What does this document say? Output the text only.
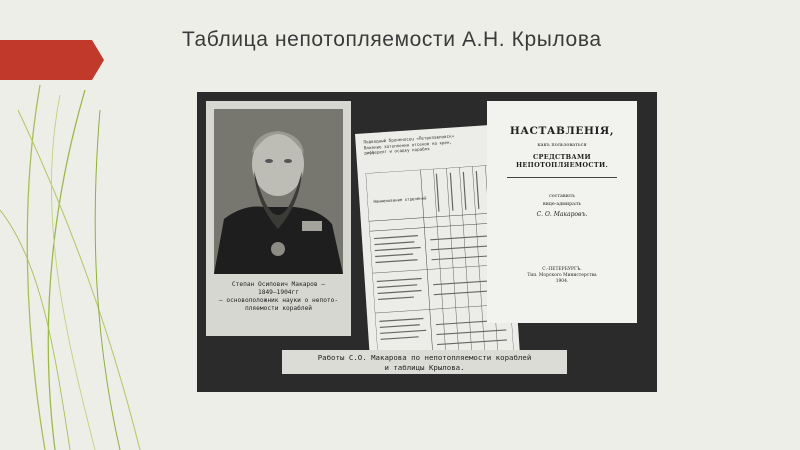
Таблица непотопляемости А.Н. Крылова
Степан Осипович Макаров —
1849—1904гг
— основоположник науки о непото-
пляемости кораблей
Подводный броненосец «Петропавловск»
Влияние затопления отсеков на крен,
дифферент и осадку корабля
Наименование отделений
НАСТАВЛЕНІЯ,
какъ пользоваться
СРЕДСТВАМИ НЕПОТОПЛЯЕМОСТИ.
составилъ
вице-адмиралъ
С. О. Макаровъ.
С.-ПЕТЕРБУРГЪ.
Тип. Морского Министерства
1904.
Работы С.О. Макарова по непотопляемости кораблей
и таблицы Крылова.
